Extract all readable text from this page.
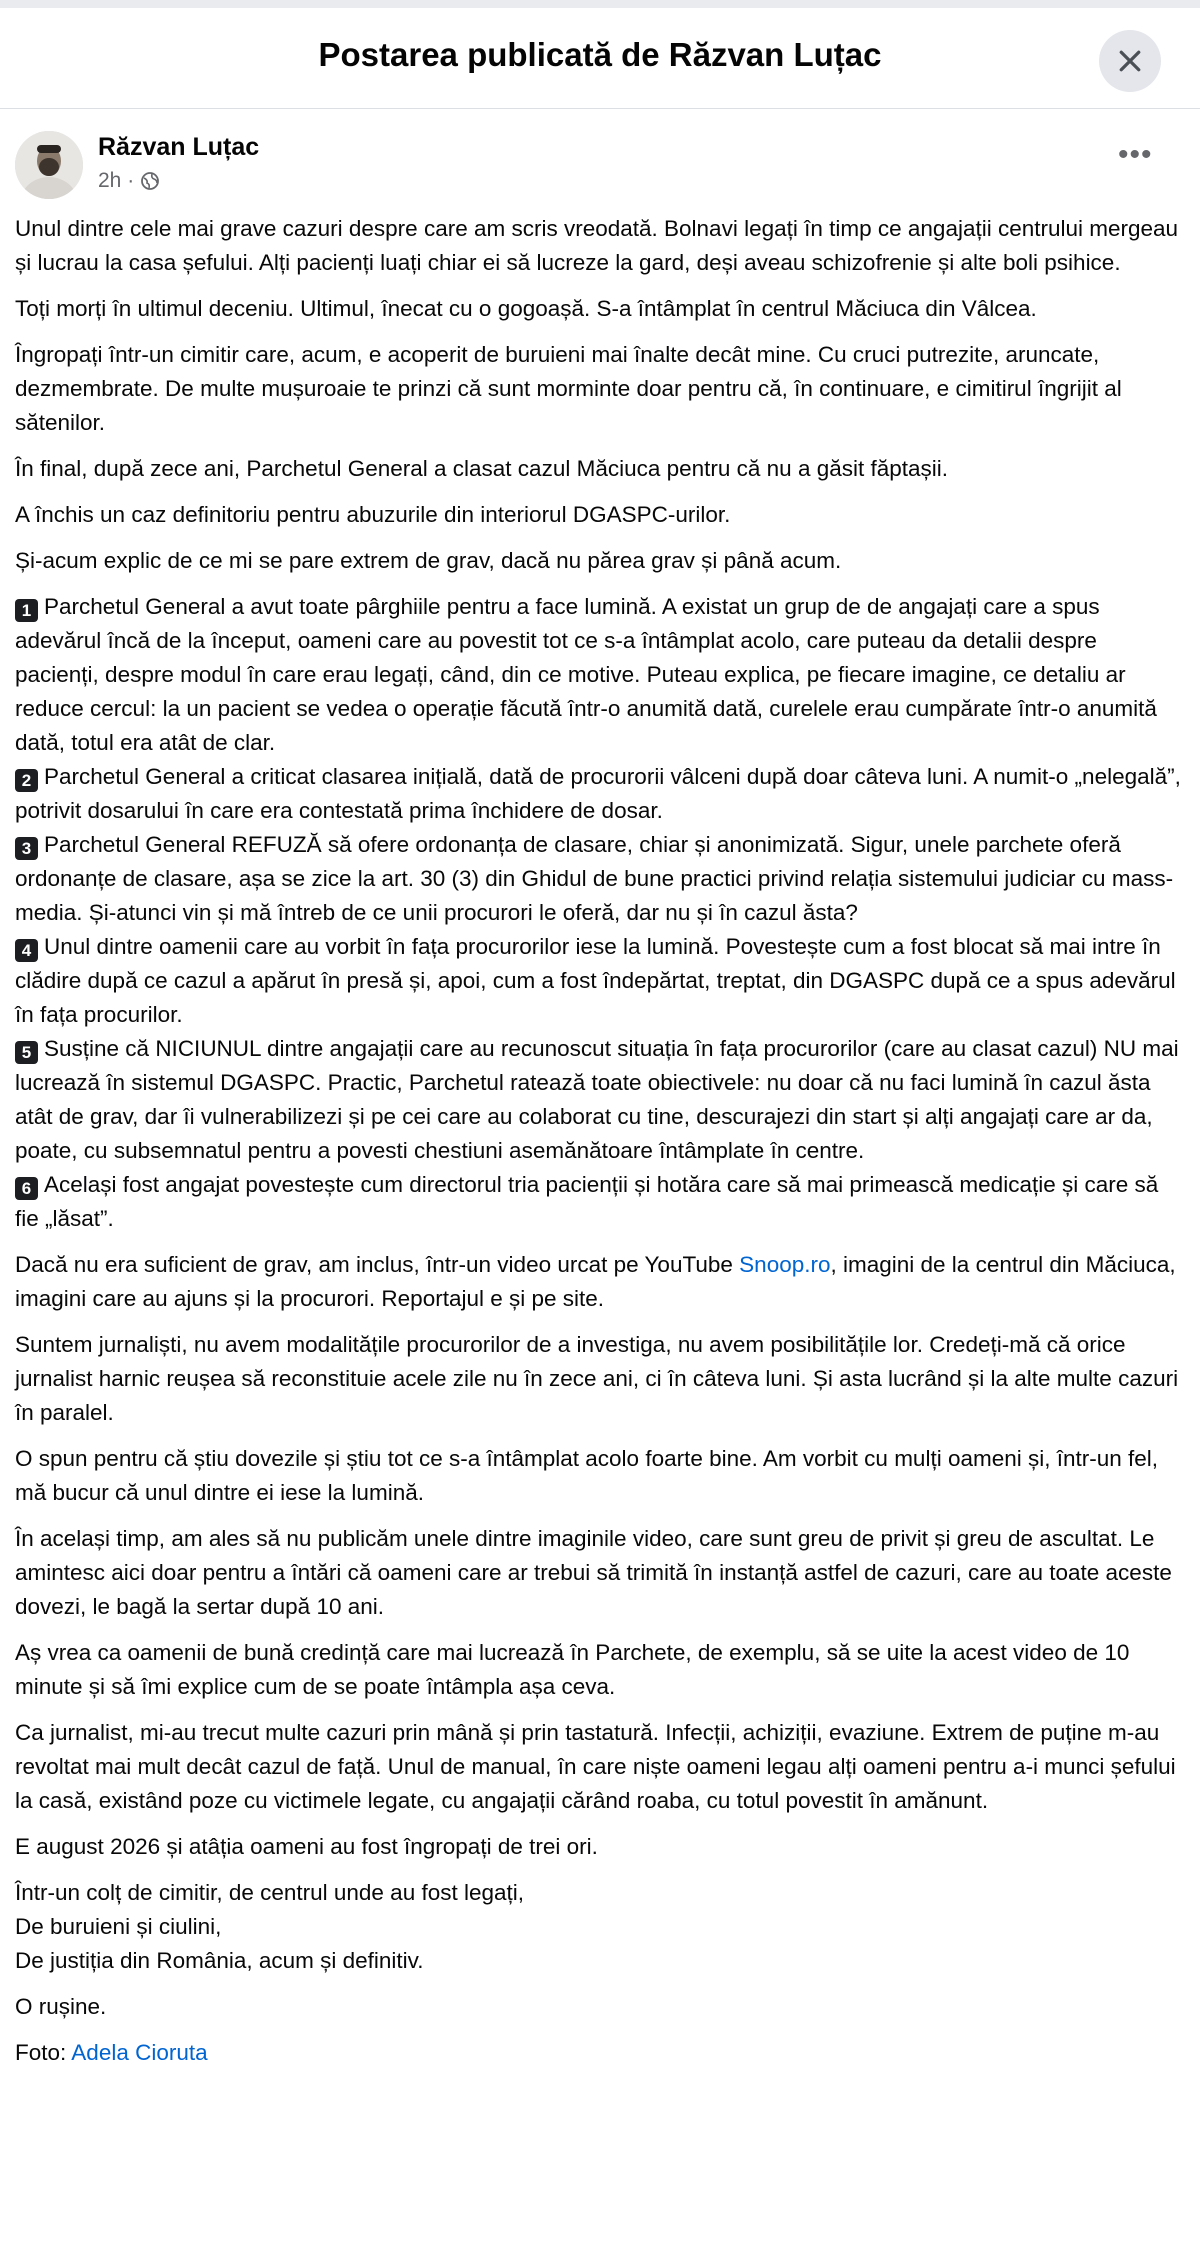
Postarea publicată de Răzvan Luțac
Răzvan Luțac
2h ·
•••

Unul dintre cele mai grave cazuri despre care am scris vreodată. Bolnavi legați în timp ce angajații centrului mergeau și lucrau la casa șefului. Alți pacienți luați chiar ei să lucreze la gard, deși aveau schizofrenie și alte boli psihice.

Toți morți în ultimul deceniu. Ultimul, înecat cu o gogoașă. S-a întâmplat în centrul Măciuca din Vâlcea.

Îngropați într-un cimitir care, acum, e acoperit de buruieni mai înalte decât mine. Cu cruci putrezite, aruncate, dezmembrate. De multe mușuroaie te prinzi că sunt morminte doar pentru că, în continuare, e cimitirul îngrijit al sătenilor.

În final, după zece ani, Parchetul General a clasat cazul Măciuca pentru că nu a găsit făptașii.

A închis un caz definitoriu pentru abuzurile din interiorul DGASPC-urilor.

Și-acum explic de ce mi se pare extrem de grav, dacă nu părea grav și până acum.

1 Parchetul General a avut toate pârghiile pentru a face lumină. A existat un grup de de angajați care a spus adevărul încă de la început, oameni care au povestit tot ce s-a întâmplat acolo, care puteau da detalii despre pacienți, despre modul în care erau legați, când, din ce motive. Puteau explica, pe fiecare imagine, ce detaliu ar reduce cercul: la un pacient se vedea o operație făcută într-o anumită dată, curelele erau cumpărate într-o anumită dată, totul era atât de clar.

2 Parchetul General a criticat clasarea inițială, dată de procurorii vâlceni după doar câteva luni. A numit-o „nelegală”, potrivit dosarului în care era contestată prima închidere de dosar.

3 Parchetul General REFUZĂ să ofere ordonanța de clasare, chiar și anonimizată. Sigur, unele parchete oferă ordonanțe de clasare, așa se zice la art. 30 (3) din Ghidul de bune practici privind relația sistemului judiciar cu mass-media. Și-atunci vin și mă întreb de ce unii procurori le oferă, dar nu și în cazul ăsta?

4 Unul dintre oamenii care au vorbit în fața procurorilor iese la lumină. Povestește cum a fost blocat să mai intre în clădire după ce cazul a apărut în presă și, apoi, cum a fost îndepărtat, treptat, din DGASPC după ce a spus adevărul în fața procurilor.

5 Susține că NICIUNUL dintre angajații care au recunoscut situația în fața procurorilor (care au clasat cazul) NU mai lucrează în sistemul DGASPC. Practic, Parchetul ratează toate obiectivele: nu doar că nu faci lumină în cazul ăsta atât de grav, dar îi vulnerabilizezi și pe cei care au colaborat cu tine, descurajezi din start și alți angajați care ar da, poate, cu subsemnatul pentru a povesti chestiuni asemănătoare întâmplate în centre.

6 Același fost angajat povestește cum directorul tria pacienții și hotăra care să mai primească medicație și care să fie „lăsat”.

Dacă nu era suficient de grav, am inclus, într-un video urcat pe YouTube Snoop.ro, imagini de la centrul din Măciuca, imagini care au ajuns și la procurori. Reportajul e și pe site.

Suntem jurnaliști, nu avem modalitățile procurorilor de a investiga, nu avem posibilitățile lor. Credeți-mă că orice jurnalist harnic reușea să reconstituie acele zile nu în zece ani, ci în câteva luni. Și asta lucrând și la alte multe cazuri în paralel.

O spun pentru că știu dovezile și știu tot ce s-a întâmplat acolo foarte bine. Am vorbit cu mulți oameni și, într-un fel, mă bucur că unul dintre ei iese la lumină.

În același timp, am ales să nu publicăm unele dintre imaginile video, care sunt greu de privit și greu de ascultat. Le amintesc aici doar pentru a întări că oameni care ar trebui să trimită în instanță astfel de cazuri, care au toate aceste dovezi, le bagă la sertar după 10 ani.

Aș vrea ca oamenii de bună credință care mai lucrează în Parchete, de exemplu, să se uite la acest video de 10 minute și să îmi explice cum de se poate întâmpla așa ceva.

Ca jurnalist, mi-au trecut multe cazuri prin mână și prin tastatură. Infecții, achiziții, evaziune. Extrem de puține m-au revoltat mai mult decât cazul de față. Unul de manual, în care niște oameni legau alți oameni pentru a-i munci șefului la casă, existând poze cu victimele legate, cu angajații cărând roaba, cu totul povestit în amănunt.

E august 2026 și atâția oameni au fost îngropați de trei ori.

Într-un colț de cimitir, de centrul unde au fost legați,

De buruieni și ciulini,

De justiția din România, acum și definitiv.

O rușine.

Foto: Adela Cioruta
